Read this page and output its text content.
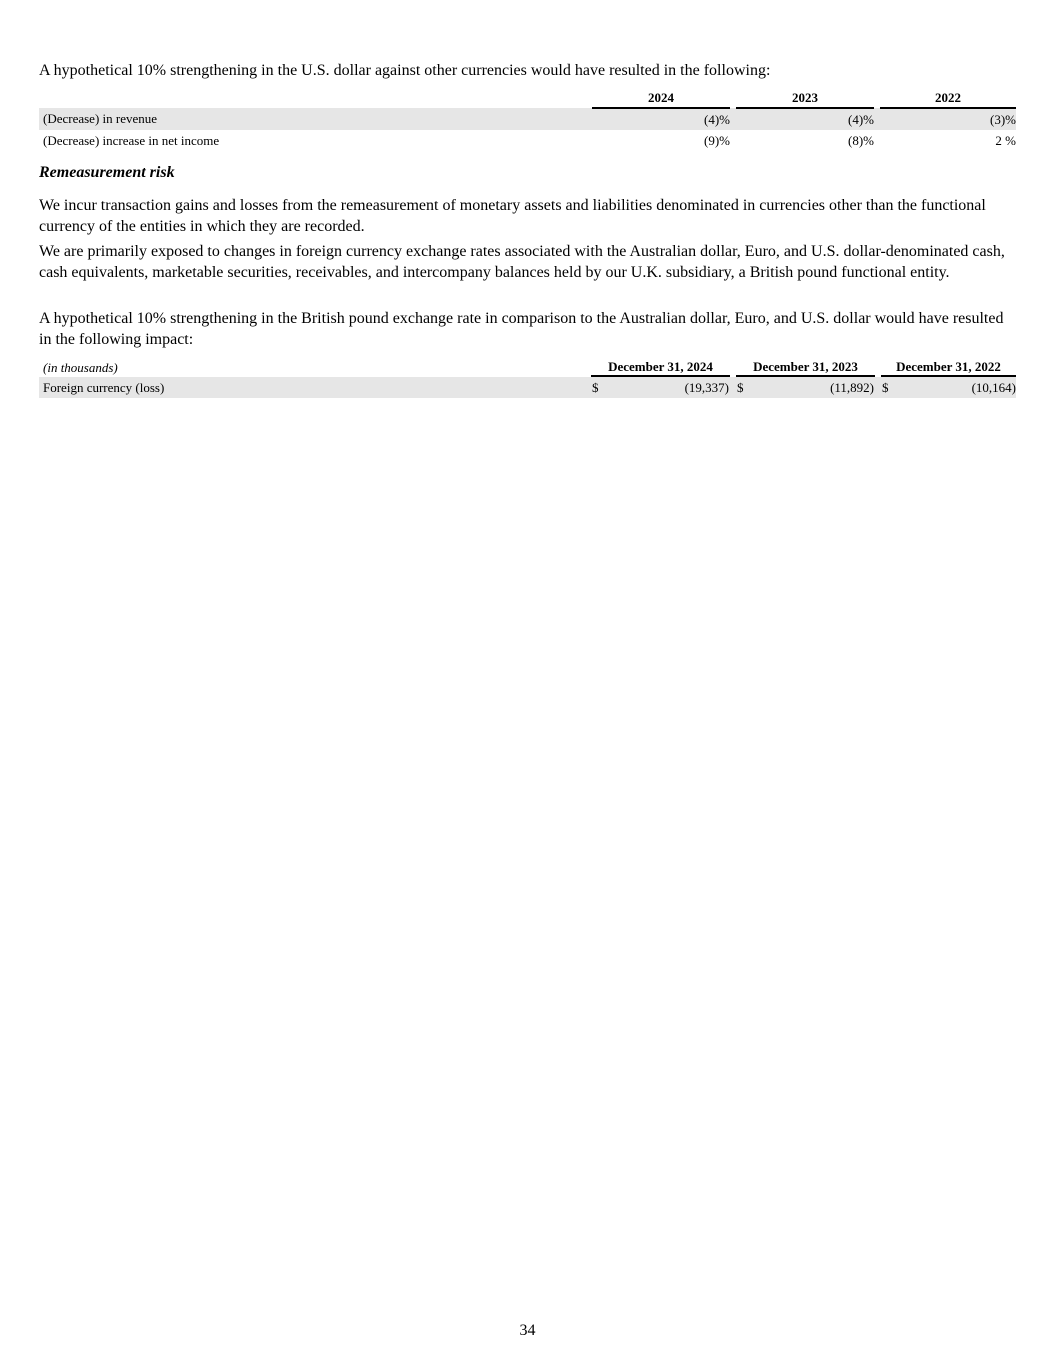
A hypothetical 10% strengthening in the U.S. dollar against other currencies would have resulted in the following:

		2024		2023		2022
(Decrease) in revenue		(4)%		(4)%		(3)%
(Decrease) increase in net income		(9)%		(8)%		2 %

Remeasurement risk

We incur transaction gains and losses from the remeasurement of monetary assets and liabilities denominated in currencies other than the functional currency of the entities in which they are recorded.

We are primarily exposed to changes in foreign currency exchange rates associated with the Australian dollar, Euro, and U.S. dollar-denominated cash, cash equivalents, marketable securities, receivables, and intercompany balances held by our U.K. subsidiary, a British pound functional entity.

A hypothetical 10% strengthening in the British pound exchange rate in comparison to the Australian dollar, Euro, and U.S. dollar would have resulted in the following impact:

(in thousands)	December 31, 2024		December 31, 2023		December 31, 2022

Foreign currency (loss)	$ (19,337)		$ (11,892)		$ (10,164)
34
